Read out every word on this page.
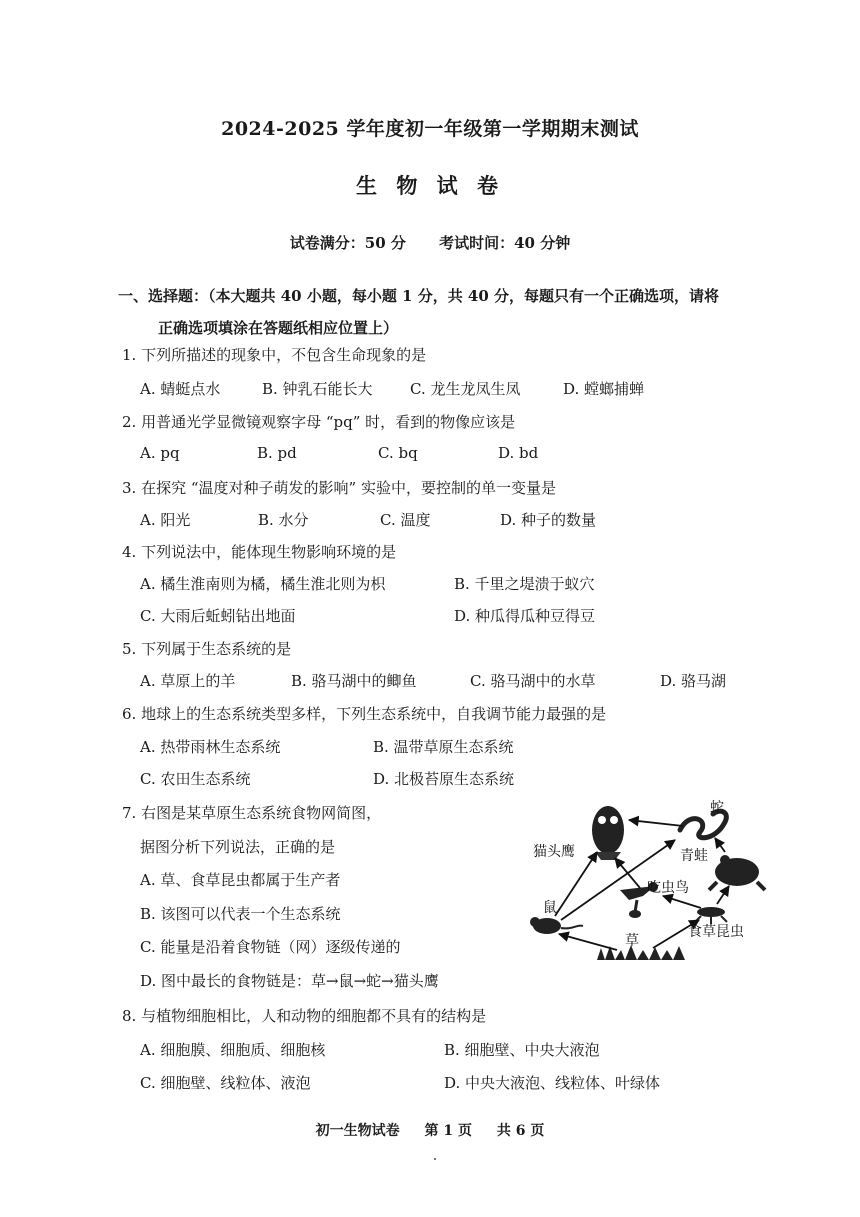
2024-2025 学年度初一年级第一学期期末测试
生 物 试 卷
试卷满分：50 分 考试时间：40 分钟
一、选择题：（本大题共 40 小题，每小题 1 分，共 40 分，每题只有一个正确选项，请将
正确选项填涂在答题纸相应位置上）
1. 下列所描述的现象中，不包含生命现象的是
A. 蜻蜓点水	B. 钟乳石能长大 C. 龙生龙凤生凤	D. 螳螂捕蝉
2. 用普通光学显微镜观察字母 “pq” 时，看到的物像应该是
A. pq	B. pd	C. bq	D. bd
3. 在探究 “温度对种子萌发的影响” 实验中，要控制的单一变量是
A. 阳光	B. 水分	C. 温度	D. 种子的数量
4. 下列说法中，能体现生物影响环境的是
A. 橘生淮南则为橘，橘生淮北则为枳	B. 千里之堤溃于蚁穴
C. 大雨后蚯蚓钻出地面	D. 种瓜得瓜种豆得豆
5. 下列属于生态系统的是
A. 草原上的羊	B. 骆马湖中的鲫鱼	C. 骆马湖中的水草	D. 骆马湖
6. 地球上的生态系统类型多样，下列生态系统中，自我调节能力最强的是
A. 热带雨林生态系统	B. 温带草原生态系统
C. 农田生态系统	D. 北极苔原生态系统
7. 右图是某草原生态系统食物网简图，
据图分析下列说法，正确的是
A. 草、食草昆虫都属于生产者
B. 该图可以代表一个生态系统
C. 能量是沿着食物链（网）逐级传递的
D. 图中最长的食物链是：草→鼠→蛇→猫头鹰
蛇
猫头鹰	青蛙
吃虫鸟
鼠
草
食草昆虫
8. 与植物细胞相比，人和动物的细胞都不具有的结构是
A. 细胞膜、细胞质、细胞核	B. 细胞壁、中央大液泡
C. 细胞壁、线粒体、液泡	D. 中央大液泡、线粒体、叶绿体
初一生物试卷 第 1 页 共 6 页
